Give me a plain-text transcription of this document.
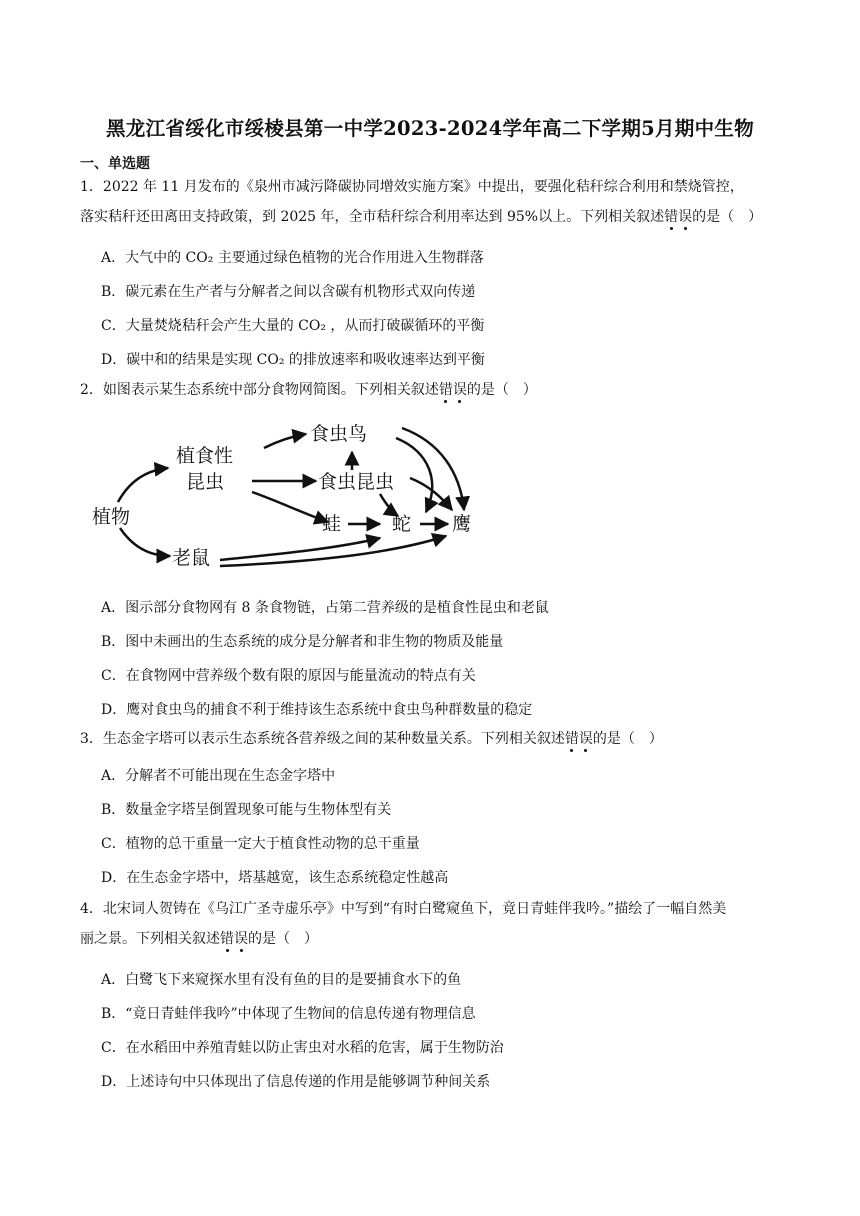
黑龙江省绥化市绥棱县第一中学2023-2024学年高二下学期5月期中生物
一、单选题
1．2022 年 11 月发布的《泉州市减污降碳协同增效实施方案》中提出，要强化秸秆综合利用和禁烧管控，
落实秸秆还田离田支持政策，到 2025 年，全市秸秆综合利用率达到 95%以上。下列相关叙述错误的是（　）
A．大气中的 CO₂ 主要通过绿色植物的光合作用进入生物群落
B．碳元素在生产者与分解者之间以含碳有机物形式双向传递
C．大量焚烧秸秆会产生大量的 CO₂ ，从而打破碳循环的平衡
D．碳中和的结果是实现 CO₂ 的排放速率和吸收速率达到平衡
2．如图表示某生态系统中部分食物网简图。下列相关叙述错误的是（　）
植物
植食性
昆虫
老鼠
食虫鸟
食虫昆虫
蛙	蛇 鹰
A．图示部分食物网有 8 条食物链，占第二营养级的是植食性昆虫和老鼠
B．图中未画出的生态系统的成分是分解者和非生物的物质及能量
C．在食物网中营养级个数有限的原因与能量流动的特点有关
D．鹰对食虫鸟的捕食不利于维持该生态系统中食虫鸟种群数量的稳定
3．生态金字塔可以表示生态系统各营养级之间的某种数量关系。下列相关叙述错误的是（　）
A．分解者不可能出现在生态金字塔中
B．数量金字塔呈倒置现象可能与生物体型有关
C．植物的总干重量一定大于植食性动物的总干重量
D．在生态金字塔中，塔基越宽，该生态系统稳定性越高
4．北宋词人贺铸在《乌江广圣寺虚乐亭》中写到“有时白鹭窥鱼下，竟日青蛙伴我吟。”描绘了一幅自然美
丽之景。下列相关叙述错误的是（　）
A．白鹭飞下来窥探水里有没有鱼的目的是要捕食水下的鱼
B．“竟日青蛙伴我吟”中体现了生物间的信息传递有物理信息
C．在水稻田中养殖青蛙以防止害虫对水稻的危害，属于生物防治
D．上述诗句中只体现出了信息传递的作用是能够调节种间关系
